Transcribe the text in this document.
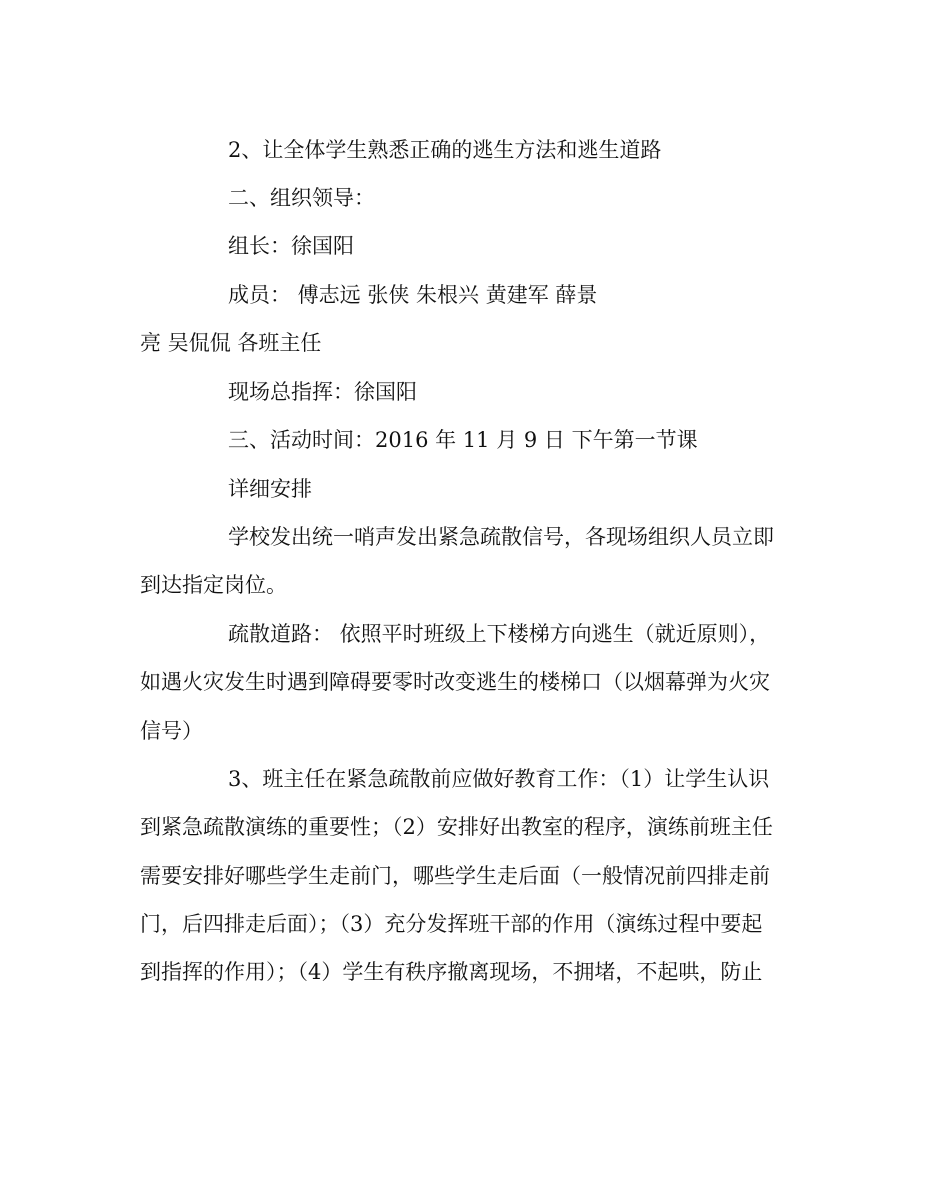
2、让全体学生熟悉正确的逃生方法和逃生道路

二、组织领导：

组长：徐国阳

成员： 傅志远 张侠 朱根兴 黄建军 薛景

亮 吴侃侃 各班主任

现场总指挥：徐国阳

三、活动时间：2016 年 11 月 9 日 下午第一节课

详细安排

学校发出统一哨声发出紧急疏散信号，各现场组织人员立即

到达指定岗位。

疏散道路： 依照平时班级上下楼梯方向逃生（就近原则），

如遇火灾发生时遇到障碍要零时改变逃生的楼梯口（以烟幕弹为火灾

信号）

3、班主任在紧急疏散前应做好教育工作：（1）让学生认识

到紧急疏散演练的重要性；（2）安排好出教室的程序，演练前班主任

需要安排好哪些学生走前门，哪些学生走后面（一般情况前四排走前

门，后四排走后面）；（3）充分发挥班干部的作用（演练过程中要起

到指挥的作用）；（4）学生有秩序撤离现场，不拥堵，不起哄，防止
